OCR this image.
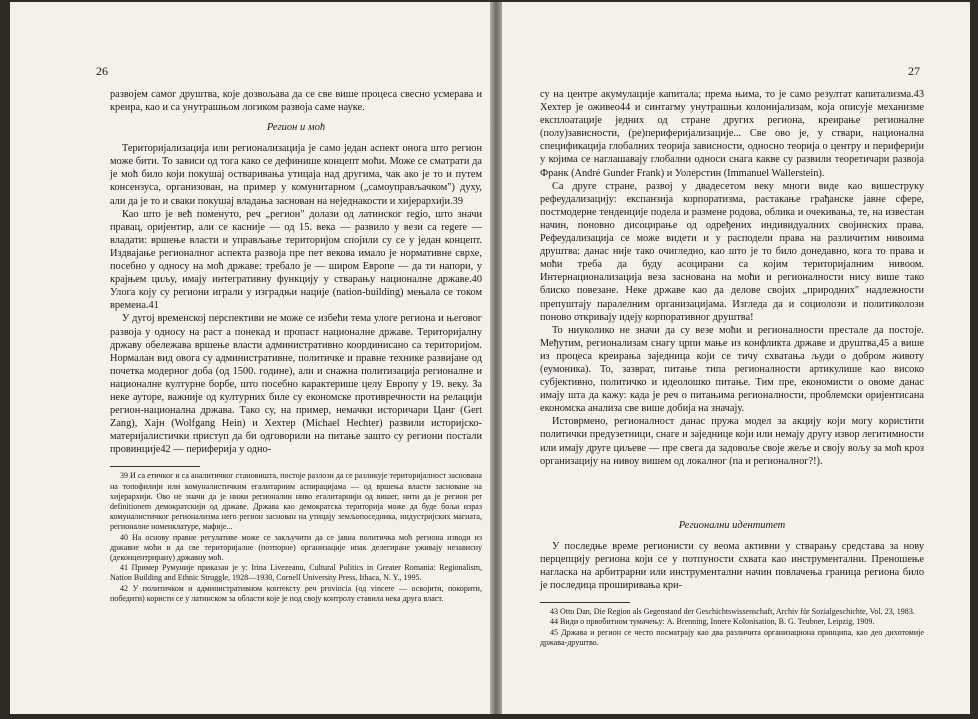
26

развојем самог друштва, које дозвољава да се све више процеса свесно усмерава и креира, као и са унутрашњом логиком развоја саме науке.

Регион и моћ

Територијализација или регионализација је само један аспект онога што регион може бити. То зависи од тога како се дефинише концепт моћи. Може се сматрати да је моћ било који покушај остваривања утицаја над другима, чак ако је то и путем консензуса, организован, на пример у комунитарном („самоуправљачком") духу, али да је то и сваки покушај владања заснован на неједнакости и хијерархији.39

Као што је већ поменуто, реч „регион" долази од латинског regio, што значи правац, оријентир, али се касније — од 15. века — развило у вези са regere — владати: вршење власти и управљање територијом спојили су се у један концепт. Издвајање регионалног аспекта развоја пре пет векова имало је нормативне сврхе, посебно у односу на моћ државе: требало је — широм Европе — да ти напори, у крајњем циљу, имају интегративну функцију у стварању националне државе.40 Улога коју су региони играли у изградњи нације (nation-building) мењала се током времена.41

У дугој временској перспективи не може се избећи тема улоге региона и његовог развоја у односу на раст а понекад и пропаст националне државе. Територијалну државу обележава вршење власти административно координисано са територијом. Нормалан вид овога су административне, политичке и правне технике развијане од почетка модерног доба (од 1500. године), али и снажна политизација регионалне и националне културне борбе, што посебно карактерише целу Европу у 19. веку. За неке ауторе, важније од културних биле су економске противречности на релацији регион-национална држава. Тако су, на пример, немачки историчари Цанг (Gert Zang), Хајн (Wolfgang Hein) и Хехтер (Michael Hechter) развили историјско-материјалистички приступ да би одговорили на питање зашто су региони постали провинције42 — периферија у одно-

39 И са етичког и са аналитичког становишта, постоје разлози да се разликује територијалност заснована на топофилији или комуналистичким егалитарним аспирацијама — од вршења власти засноване на хијерархији. Ово не значи да је нижи регионални ниво егалитарнији од вишег, нити да је регион per definitionem демократскији од државе. Држава као демократска територија може да буде бољи израз комуналистичког регионализма него регион заснован на утицају земљопоседника, индустријских магната, регионалне номенклатуре, мафије...

40 На основу правне регулативе може се закључити да се јавна политичка моћ региона изводи из државне моћи и да све територијалне (потпорне) организације ипак делегиране уживају независну (деконцентрирану) државну моћ.

41 Пример Румуније приказан је у: Irina Livezeanu, Cultural Politics in Greater Romania: Regionalism, Nation Building and Ethnic Struggle, 1928—1930, Cornell University Press, Ithaca, N. Y., 1995.

42 У политичком и административном контексту реч provincia (од vincere — освојити, покорити, победити) користи се у латинском за области које је под своју контролу ставила нека друга власт.

27

су на центре акумулације капитала; према њима, то је само резултат капитализма.43 Хехтер је оживео44 и синтагму унутрашњи колонијализам, која описује механизме експлоатације једних од стране других региона, креирање регионалне (полу)зависности, (ре)периферијализације... Све ово је, у ствари, национална спецификација глобалних теорија зависности, односно теорија о центру и периферији у којима се наглашавају глобални односи снага какве су развили теоретичари развоја Франк (André Gunder Frank) и Уолерстин (Immanuel Wallerstein).

Са друге стране, развој у двадесетом веку многи виде као вишеструку рефеудализацију: експанзија корпоратизма, растакање грађанске јавне сфере, постмодерне тенденције подела и размене родова, облика и очекивања, те, на известан начин, поновно дисоцирање од одређених индивидуалних својинских права. Рефеудализација се може видети и у расподели права на различитим нивоима друштва: данас није тако очигледно, као што је то било донедавно, кога то права и моћи треба да буду асоцирани са којим територијалним нивоом. Интернационализација веза заснована на моћи и регионалности нису више тако блиско повезане. Неке државе као да делове својих „природних" надлежности препуштају паралелним организацијама. Изгледа да и социолози и политиколози поново откривају идеју корпоративног друштва!

То ниуколико не значи да су везе моћи и регионалности престале да постоје. Међутим, регионализам снагу црпи мање из конфликта државе и друштва,45 а више из процеса креирања заједница који се тичу схватања људи о добром животу (еумоника). То, зазврат, питање типа регионалности артикулише као високо субјективно, политичко и идеолошко питање. Тим пре, економисти о овоме данас имају шта да кажу: када је реч о питањима регионалности, проблемски оријентисана економска анализа све више добија на значају.

Истоврмено, регионалност данас пружа модел за акцију који могу користити политички предузетници, снаге и заједнице који или немају другу извор легитимности или имају друге циљеве — пре свега да задовоље своје жеље и своју вољу за моћ кроз организацију на нивоу вишем од локалног (па и регионалног?!).

Регионални идентитет

У последње време регионисти су веома активни у стварању средстава за нову перцепцију региона који се у потпуности схвата као инструментални. Преношење нагласка на арбитрарни или инструментални начин повлачења граница региона било је последица проширивања кри-

43 Otto Dan, Die Region als Gegenstand der Geschichtswissenschaft, Archiv für Sozialgeschichte, Vol. 23, 1983.

44 Види о првобитном тумачењу: A. Brenning, Innere Kolonisation, B. G. Teubner, Leipzig, 1909.

45 Држава и регион се често посматрају као два различита организациона принципа, као део дихотомије држава-друштво.
